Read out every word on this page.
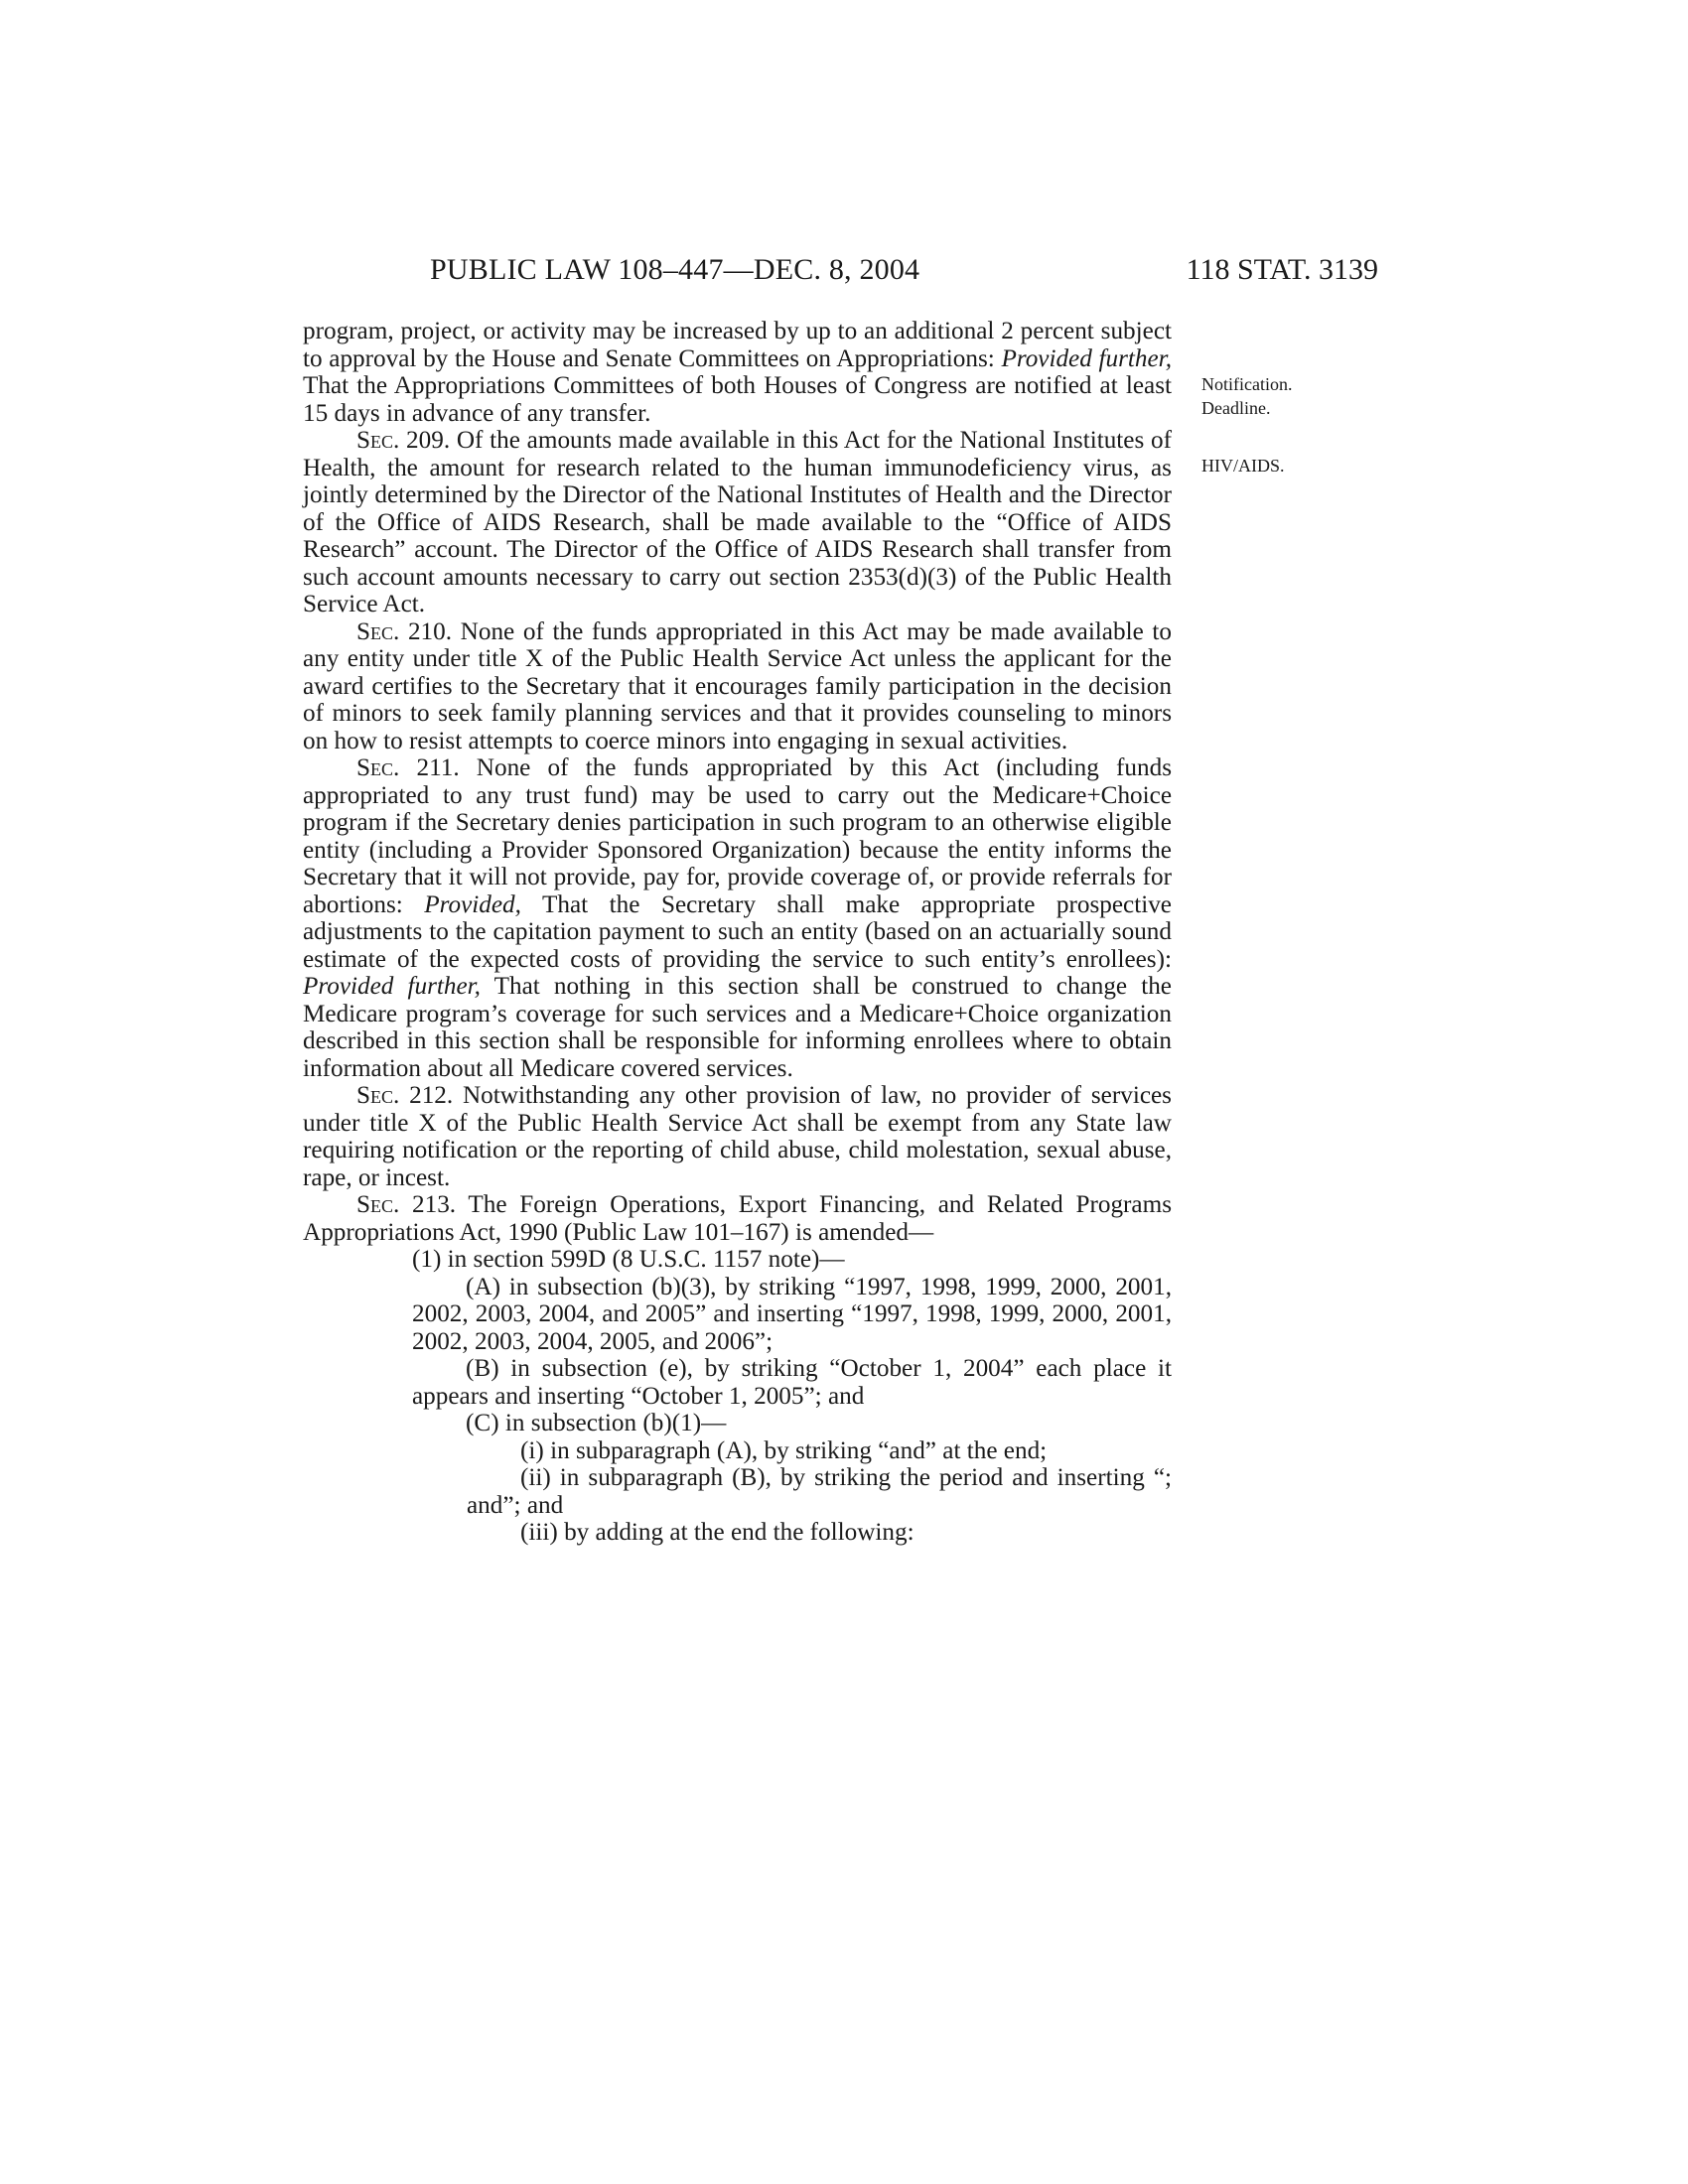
PUBLIC LAW 108–447—DEC. 8, 2004	118 STAT. 3139
Notification.
Deadline.
HIV/AIDS.

program, project, or activity may be increased by up to an additional 2 percent subject to approval by the House and Senate Committees on Appropriations: Provided further, That the Appropriations Committees of both Houses of Congress are notified at least 15 days in advance of any transfer.

Sec. 209. Of the amounts made available in this Act for the National Institutes of Health, the amount for research related to the human immunodeficiency virus, as jointly determined by the Director of the National Institutes of Health and the Director of the Office of AIDS Research, shall be made available to the “Office of AIDS Research” account. The Director of the Office of AIDS Research shall transfer from such account amounts necessary to carry out section 2353(d)(3) of the Public Health Service Act.

Sec. 210. None of the funds appropriated in this Act may be made available to any entity under title X of the Public Health Service Act unless the applicant for the award certifies to the Secretary that it encourages family participation in the decision of minors to seek family planning services and that it provides counseling to minors on how to resist attempts to coerce minors into engaging in sexual activities.

Sec. 211. None of the funds appropriated by this Act (including funds appropriated to any trust fund) may be used to carry out the Medicare+Choice program if the Secretary denies participation in such program to an otherwise eligible entity (including a Provider Sponsored Organization) because the entity informs the Secretary that it will not provide, pay for, provide coverage of, or provide referrals for abortions: Provided, That the Secretary shall make appropriate prospective adjustments to the capitation payment to such an entity (based on an actuarially sound estimate of the expected costs of providing the service to such entity’s enrollees): Provided further, That nothing in this section shall be construed to change the Medicare program’s coverage for such services and a Medicare+Choice organization described in this section shall be responsible for informing enrollees where to obtain information about all Medicare covered services.

Sec. 212. Notwithstanding any other provision of law, no provider of services under title X of the Public Health Service Act shall be exempt from any State law requiring notification or the reporting of child abuse, child molestation, sexual abuse, rape, or incest.

Sec. 213. The Foreign Operations, Export Financing, and Related Programs Appropriations Act, 1990 (Public Law 101–167) is amended—

(1) in section 599D (8 U.S.C. 1157 note)—

(A) in subsection (b)(3), by striking “1997, 1998, 1999, 2000, 2001, 2002, 2003, 2004, and 2005” and inserting “1997, 1998, 1999, 2000, 2001, 2002, 2003, 2004, 2005, and 2006”;

(B) in subsection (e), by striking “October 1, 2004” each place it appears and inserting “October 1, 2005”; and

(C) in subsection (b)(1)—

(i) in subparagraph (A), by striking “and” at the end;

(ii) in subparagraph (B), by striking the period and inserting “; and”; and

(iii) by adding at the end the following:
